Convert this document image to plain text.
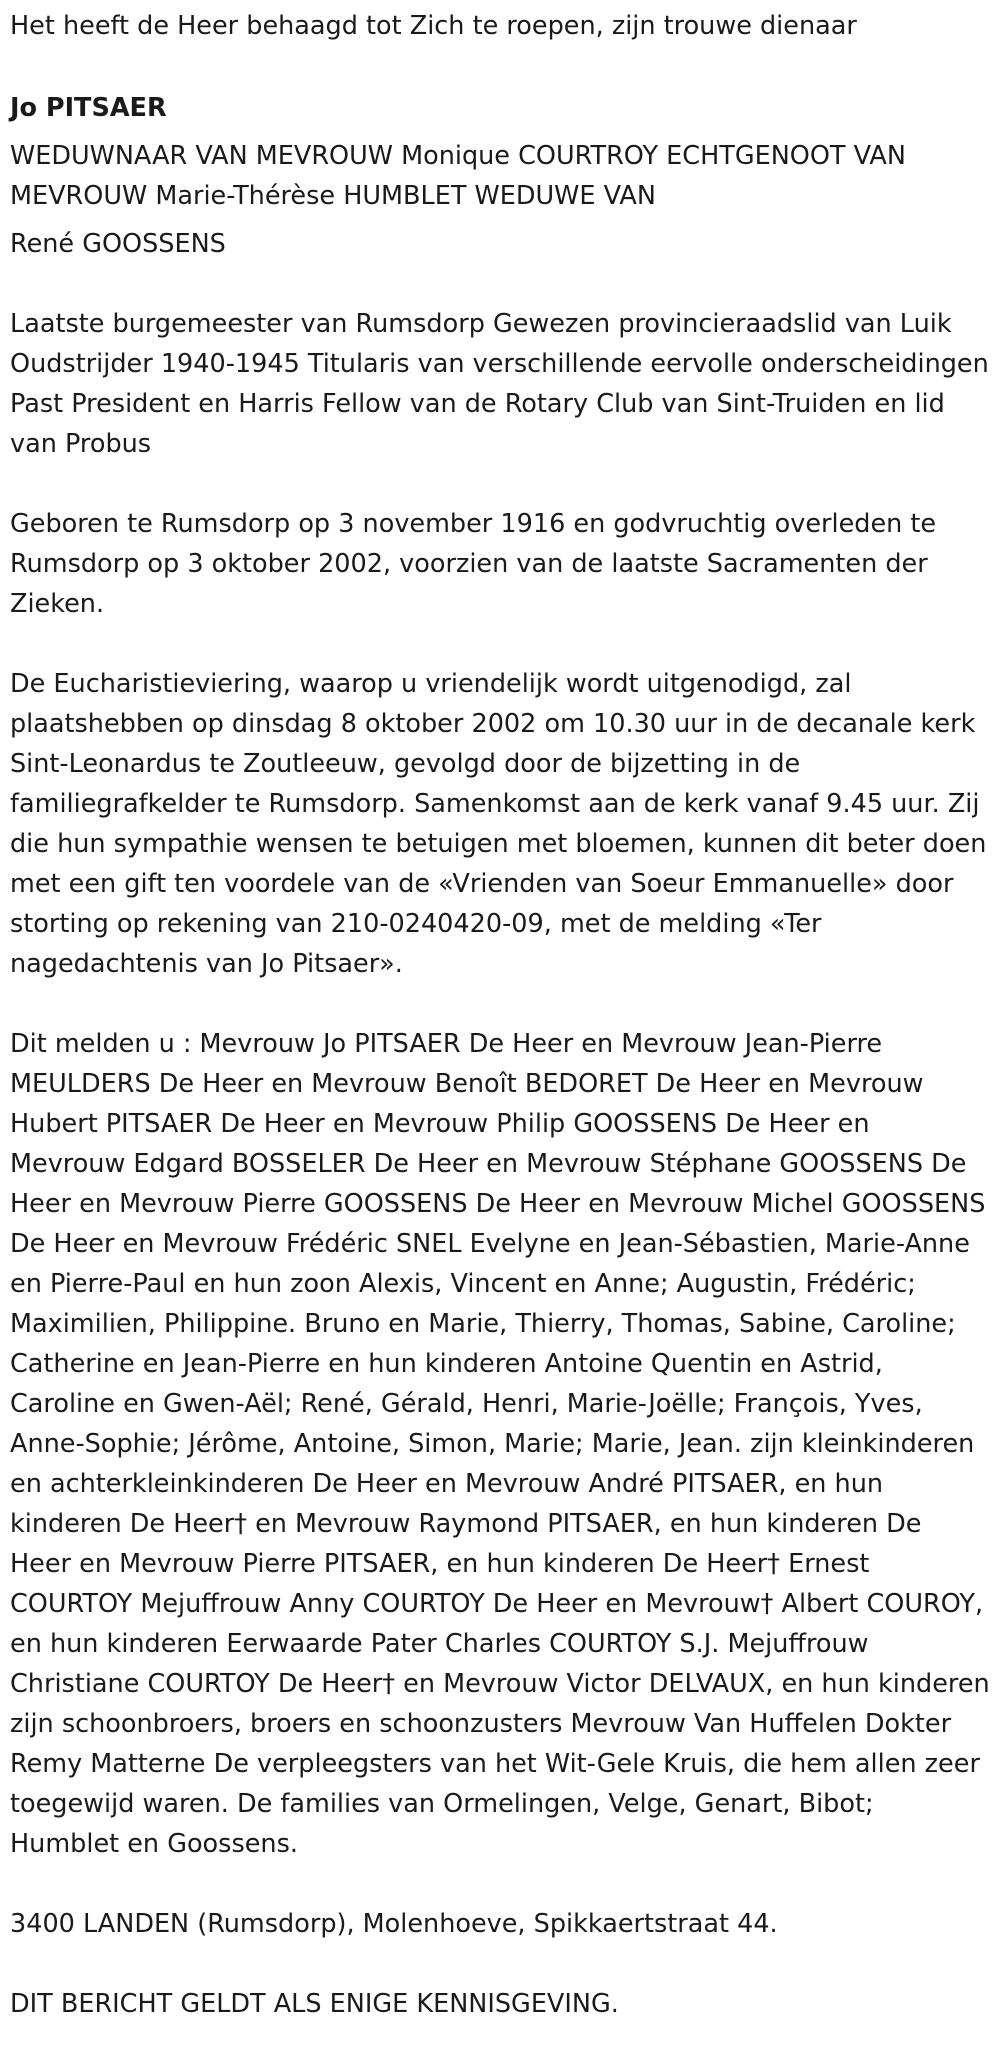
Het heeft de Heer behaagd tot Zich te roepen, zijn trouwe dienaar

Jo PITSAER

WEDUWNAAR VAN MEVROUW Monique COURTROY ECHTGENOOT VAN MEVROUW Marie-Thérèse HUMBLET WEDUWE VAN

René GOOSSENS

Laatste burgemeester van Rumsdorp Gewezen provincieraadslid van Luik Oudstrijder 1940-1945 Titularis van verschillende eervolle onderscheidingen Past President en Harris Fellow van de Rotary Club van Sint-Truiden en lid van Probus

Geboren te Rumsdorp op 3 november 1916 en godvruchtig overleden te Rumsdorp op 3 oktober 2002, voorzien van de laatste Sacramenten der Zieken.

De Eucharistieviering, waarop u vriendelijk wordt uitgenodigd, zal plaatshebben op dinsdag 8 oktober 2002 om 10.30 uur in de decanale kerk Sint-Leonardus te Zoutleeuw, gevolgd door de bijzetting in de familiegrafkelder te Rumsdorp. Samenkomst aan de kerk vanaf 9.45 uur. Zij die hun sympathie wensen te betuigen met bloemen, kunnen dit beter doen met een gift ten voordele van de «Vrienden van Soeur Emmanuelle» door storting op rekening van 210-0240420-09, met de melding «Ter nagedachtenis van Jo Pitsaer».

Dit melden u : Mevrouw Jo PITSAER De Heer en Mevrouw Jean-Pierre MEULDERS De Heer en Mevrouw Benoît BEDORET De Heer en Mevrouw Hubert PITSAER De Heer en Mevrouw Philip GOOSSENS De Heer en Mevrouw Edgard BOSSELER De Heer en Mevrouw Stéphane GOOSSENS De Heer en Mevrouw Pierre GOOSSENS De Heer en Mevrouw Michel GOOSSENS De Heer en Mevrouw Frédéric SNEL Evelyne en Jean-Sébastien, Marie-Anne en Pierre-Paul en hun zoon Alexis, Vincent en Anne; Augustin, Frédéric; Maximilien, Philippine. Bruno en Marie, Thierry, Thomas, Sabine, Caroline; Catherine en Jean-Pierre en hun kinderen Antoine Quentin en Astrid, Caroline en Gwen-Aël; René, Gérald, Henri, Marie-Joëlle; François, Yves, Anne-Sophie; Jérôme, Antoine, Simon, Marie; Marie, Jean. zijn kleinkinderen en achterkleinkinderen De Heer en Mevrouw André PITSAER, en hun kinderen De Heer† en Mevrouw Raymond PITSAER, en hun kinderen De Heer en Mevrouw Pierre PITSAER, en hun kinderen De Heer† Ernest COURTOY Mejuffrouw Anny COURTOY De Heer en Mevrouw† Albert COUROY, en hun kinderen Eerwaarde Pater Charles COURTOY S.J. Mejuffrouw Christiane COURTOY De Heer† en Mevrouw Victor DELVAUX, en hun kinderen zijn schoonbroers, broers en schoonzusters Mevrouw Van Huffelen Dokter Remy Matterne De verpleegsters van het Wit-Gele Kruis, die hem allen zeer toegewijd waren. De families van Ormelingen, Velge, Genart, Bibot; Humblet en Goossens.

3400 LANDEN (Rumsdorp), Molenhoeve, Spikkaertstraat 44.

DIT BERICHT GELDT ALS ENIGE KENNISGEVING.
